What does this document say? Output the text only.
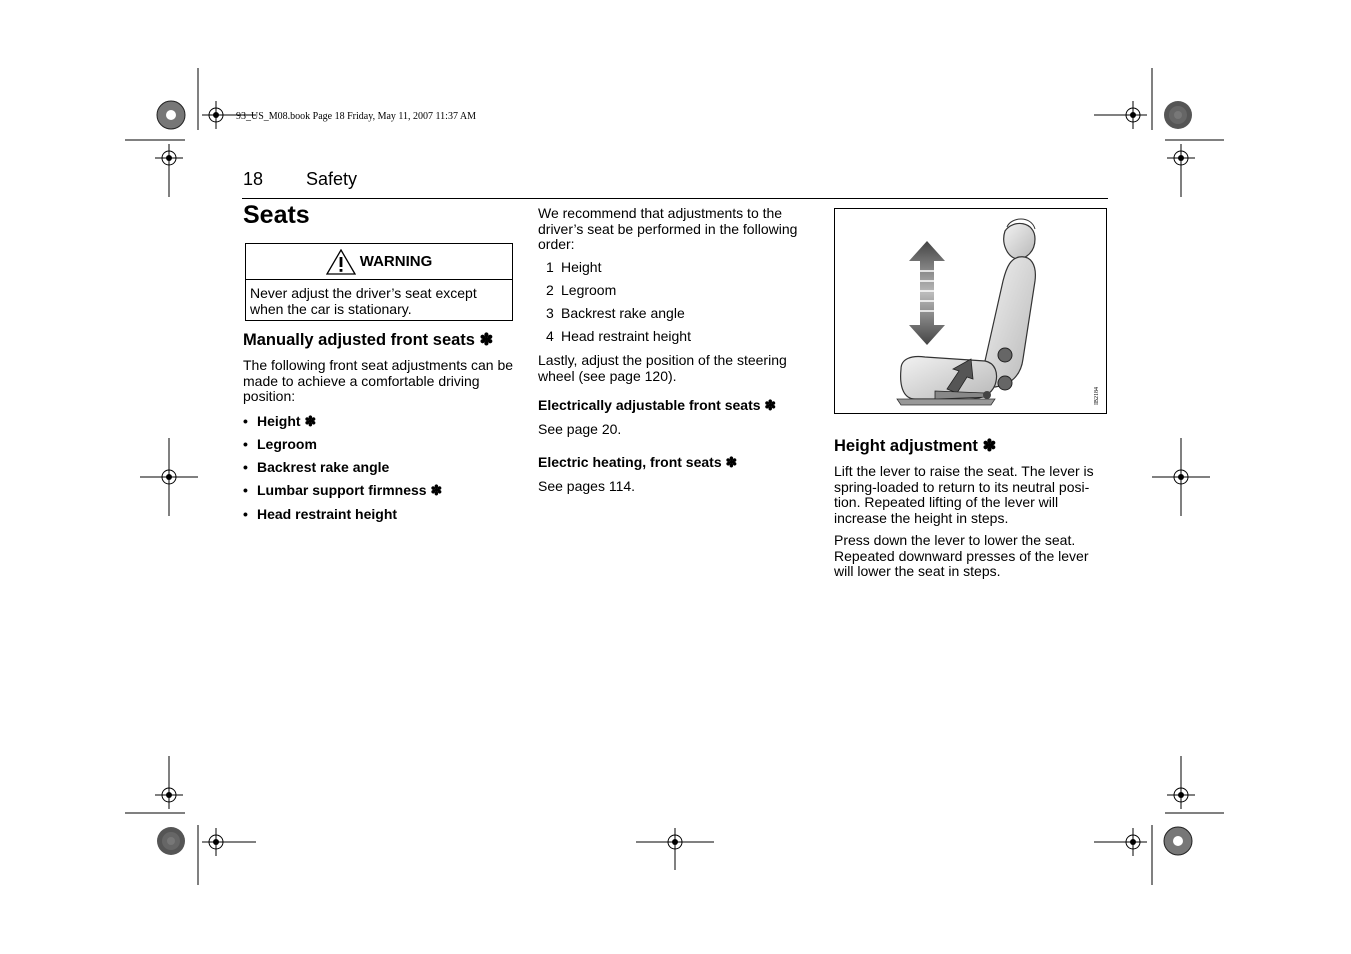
93_US_M08.book Page 18 Friday, May 11, 2007 11:37 AM
18 Safety
Seats
WARNING
Never adjust the driver’s seat except when the car is stationary.
Manually adjusted front seats ✽
The following front seat adjustments can be made to achieve a comfortable driving position:
• Height ✽
• Legroom
• Backrest rake angle
• Lumbar support firmness ✽
• Head restraint height
We recommend that adjustments to the driver’s seat be performed in the following order:
1 Height
2 Legroom
3 Backrest rake angle
4 Head restraint height
Lastly, adjust the position of the steering wheel (see page 120).
Electrically adjustable front seats ✽
See page 20.
Electric heating, front seats ✽
See pages 114.
IB2184
Height adjustment ✽
Lift the lever to raise the seat. The lever is spring-loaded to return to its neutral posi-tion. Repeated lifting of the lever will increase the height in steps.
Press down the lever to lower the seat. Repeated downward presses of the lever will lower the seat in steps.
